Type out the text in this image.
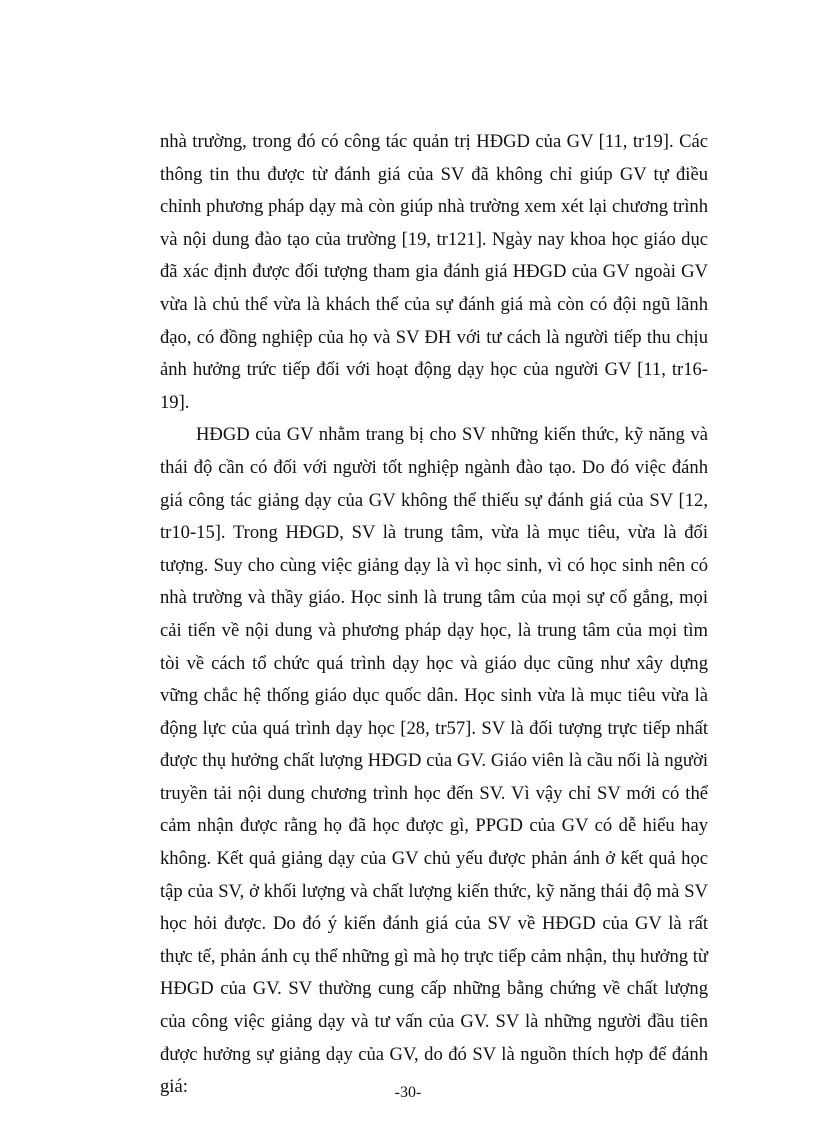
nhà trường, trong đó có công tác quản trị HĐGD của GV [11, tr19]. Các thông tin thu được từ đánh giá của SV đã không chỉ giúp GV tự điều chỉnh phương pháp dạy mà còn giúp nhà trường xem xét lại chương trình và nội dung đào tạo của trường [19, tr121]. Ngày nay khoa học giáo dục đã xác định được đối tượng tham gia đánh giá HĐGD của GV ngoài GV vừa là chủ thể vừa là khách thể của sự đánh giá mà còn có đội ngũ lãnh đạo, có đồng nghiệp của họ và SV ĐH với tư cách là người tiếp thu chịu ảnh hưởng trức tiếp đối với hoạt động dạy học của người GV [11, tr16-19].

HĐGD của GV nhằm trang bị cho SV những kiến thức, kỹ năng và thái độ cần có đối với người tốt nghiệp ngành đào tạo. Do đó việc đánh giá công tác giảng dạy của GV không thể thiếu sự đánh giá của SV [12, tr10-15]. Trong HĐGD, SV là trung tâm, vừa là mục tiêu, vừa là đối tượng. Suy cho cùng việc giảng dạy là vì học sinh, vì có học sinh nên có nhà trường và thầy giáo. Học sinh là trung tâm của mọi sự cố gắng, mọi cải tiến về nội dung và phương pháp dạy học, là trung tâm của mọi tìm tòi về cách tổ chức quá trình dạy học và giáo dục cũng như xây dựng vững chắc hệ thống giáo dục quốc dân. Học sinh vừa là mục tiêu vừa là động lực của quá trình dạy học [28, tr57]. SV là đối tượng trực tiếp nhất được thụ hưởng chất lượng HĐGD của GV. Giáo viên là cầu nối là người truyền tải nội dung chương trình học đến SV. Vì vậy chỉ SV mới có thể cảm nhận được rằng họ đã học được gì, PPGD của GV có dễ hiểu hay không. Kết quả giảng dạy của GV chủ yếu được phản ánh ở kết quả học tập của SV, ở khối lượng và chất lượng kiến thức, kỹ năng thái độ mà SV học hỏi được. Do đó ý kiến đánh giá của SV về HĐGD của GV là rất thực tế, phản ánh cụ thể những gì mà họ trực tiếp cảm nhận, thụ hưởng từ HĐGD của GV. SV thường cung cấp những bằng chứng về chất lượng của công việc giảng dạy và tư vấn của GV. SV là những người đầu tiên được hưởng sự giảng dạy của GV, do đó SV là nguồn thích hợp để đánh giá:	-30-
